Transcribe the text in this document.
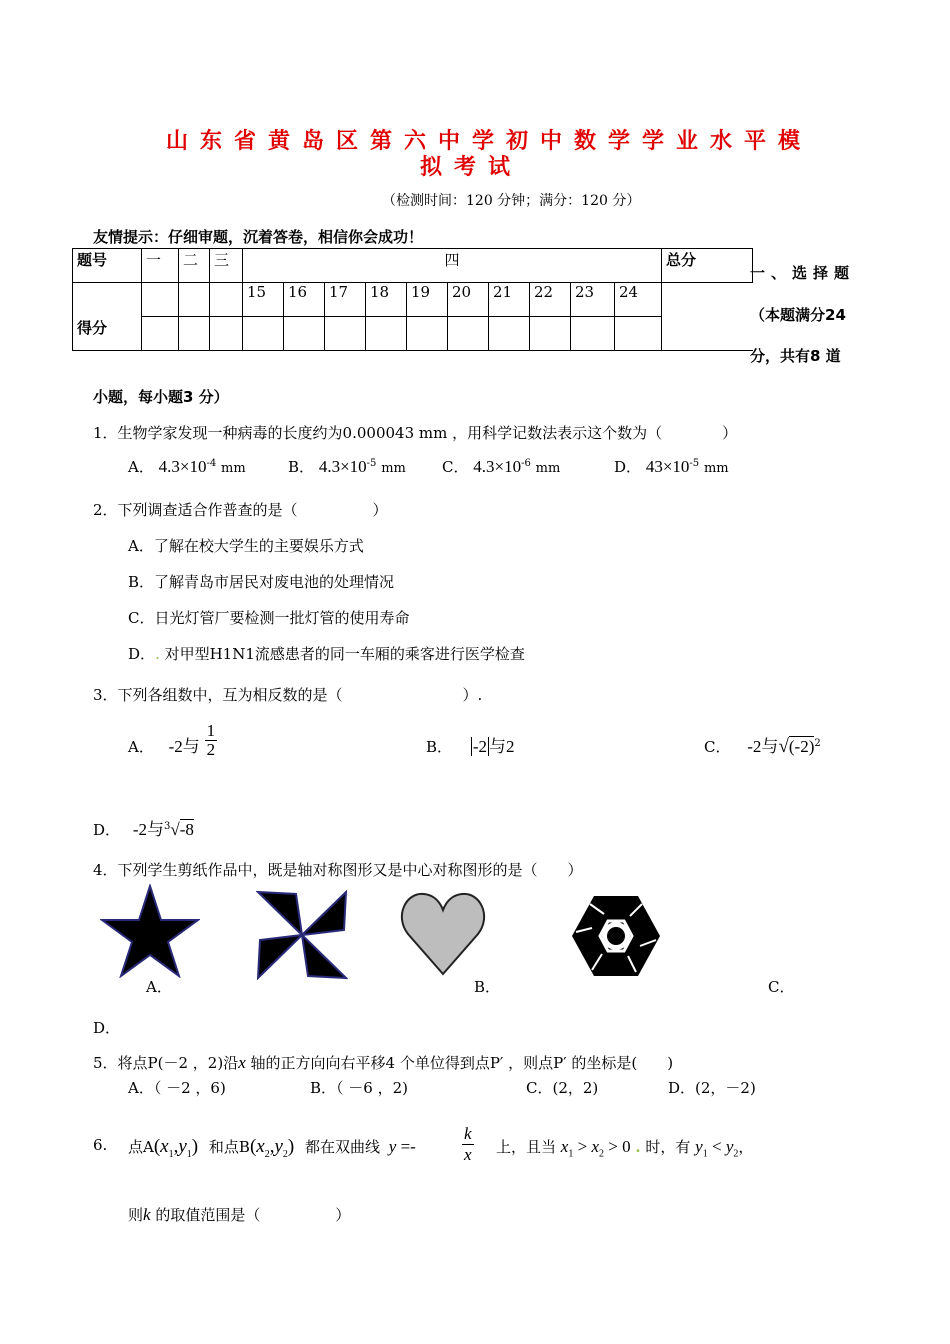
山东省黄岛区第六中学初中数学学业水平模
拟考试
（检测时间：120 分钟；满分：120 分）
友情提示：仔细审题，沉着答卷，相信你会成功！
题号	一	二	三	四										总分
				15	16	17	18	19	20	21	22	23	24	
得分														
一、选择题
（本题满分24
分，共有8 道
小题，每小题3 分）
1．生物学家发现一种病毒的长度约为0.000043 mm ，用科学记数法表示这个数为（　　　　）
A． $4.3\times 10^{-4}$ mm	B． $4.3\times 10^{-5}$ mm C． $4.3\times 10^{-6}$ mm	D． $43\times 10^{-5}$ mm
2．下列调查适合作普查的是（　　　　　）
A．了解在校大学生的主要娱乐方式
B．了解青岛市居民对废电池的处理情况
C．日光灯管厂要检测一批灯管的使用寿命
D．. 对甲型H1N1流感患者的同一车厢的乘客进行医学检查
3．下列各组数中，互为相反数的是（　　　　　　　　）.
A． -2与 $\frac{1}{2}$	B． -2 与2	C． -2与$√(-2)^2$
D． -2与$^3$√-8
4．下列学生剪纸作品中，既是轴对称图形又是中心对称图形的是（　　）
A．	B．	C．
D．
5．将点P(－2 ，2)沿x 轴的正方向向右平移4 个单位得到点P′ ，则点P′ 的坐标是(　　)
A．（ －2 ，6)	B．（ －6 ，2)	C．(2，2)	D．(2，－2)
6. 点$A(x_1,y_1)$ 和点$B(x_2,y_2)$ 都在双曲线 y =-
k
x 上，且当 $x_1 > x_2 > 0$ . 时，有 $y_1 < y_2$，
则k 的取值范围是（　　　　　）
